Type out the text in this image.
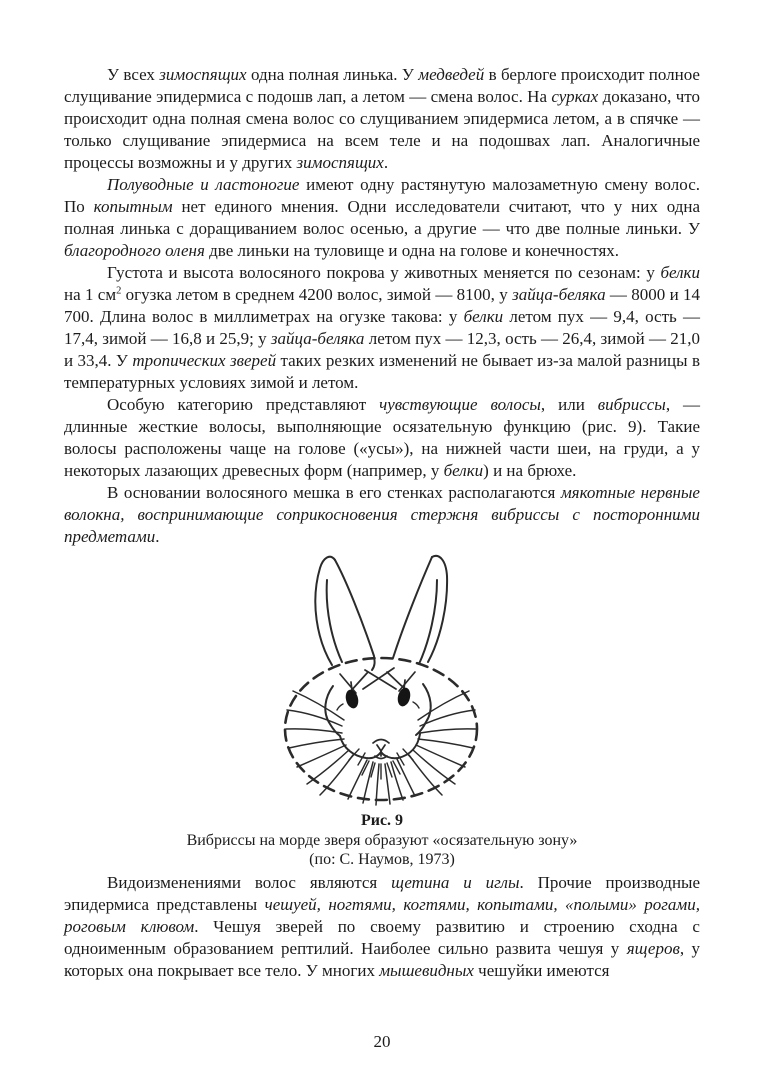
У всех зимоспящих одна полная линька. У медведей в берлоге происходит полное слущивание эпидермиса с подошв лап, а летом — смена волос. На сурках доказано, что происходит одна полная смена волос со слущиванием эпидермиса летом, а в спячке — только слущивание эпидермиса на всем теле и на подошвах лап. Аналогичные процессы возможны и у других зимоспящих.

Полуводные и ластоногие имеют одну растянутую малозаметную смену волос. По копытным нет единого мнения. Одни исследователи считают, что у них одна полная линька с доращиванием волос осенью, а другие — что две полные линьки. У благородного оленя две линьки на туловище и одна на голове и конечностях.

Густота и высота волосяного покрова у животных меняется по сезонам: у белки на 1 $см^2$ огузка летом в среднем 4200 волос, зимой — 8100, у зайца-беляка — 8000 и 14 700. Длина волос в миллиметрах на огузке такова: у белки летом пух — 9,4, ость — 17,4, зимой — 16,8 и 25,9; у зайца-беляка летом пух — 12,3, ость — 26,4, зимой — 21,0 и 33,4. У тропических зверей таких резких изменений не бывает из-за малой разницы в температурных условиях зимой и летом.

Особую категорию представляют чувствующие волосы, или вибриссы, — длинные жесткие волосы, выполняющие осязательную функцию (рис. 9). Такие волосы расположены чаще на голове («усы»), на нижней части шеи, на груди, а у некоторых лазающих древесных форм (например, у белки) и на брюхе.

В основании волосяного мешка в его стенках располагаются мякотные нервные волокна, воспринимающие соприкосновения стержня вибриссы с посторонними предметами.

Рис. 9
Вибриссы на морде зверя образуют «осязательную зону»
(по: С. Наумов, 1973)

Видоизменениями волос являются щетина и иглы. Прочие производные эпидермиса представлены чешуей, ногтями, когтями, копытами, «полыми» рогами, роговым клювом. Чешуя зверей по своему развитию и строению сходна с одноименным образованием рептилий. Наиболее сильно развита чешуя у ящеров, у которых она покрывает все тело. У многих мышевидных чешуйки имеются

20
